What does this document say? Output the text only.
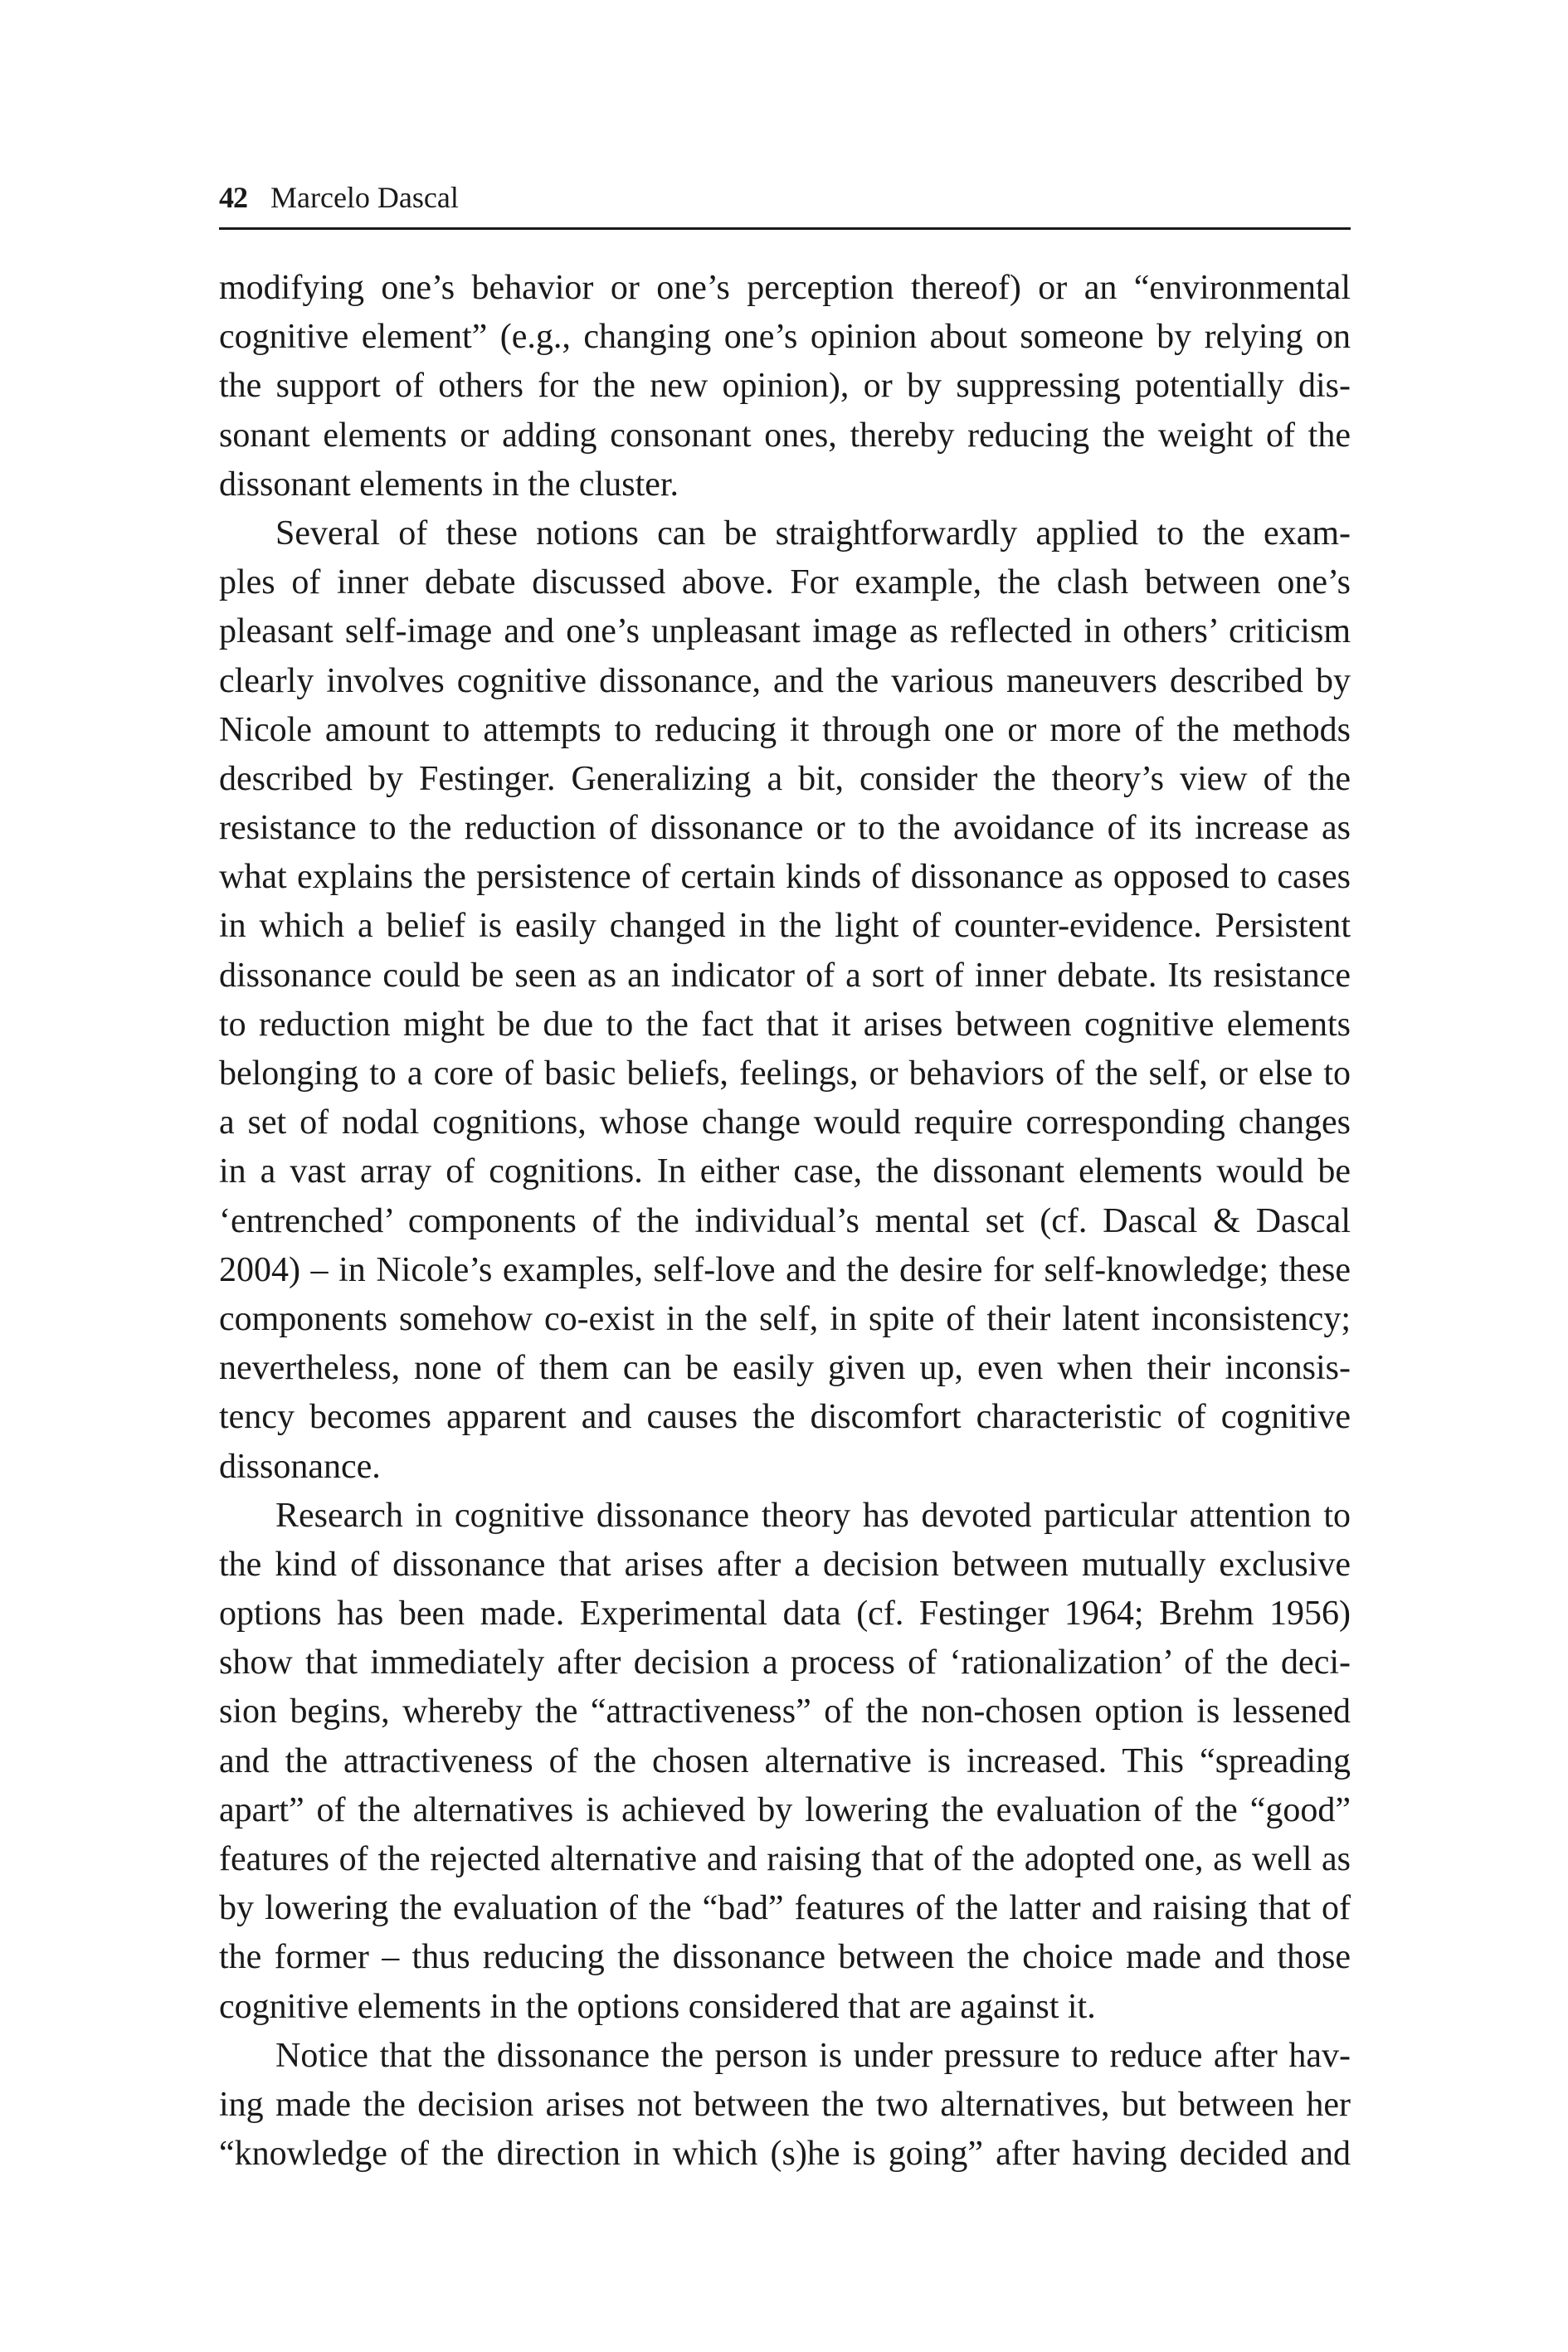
42 Marcelo Dascal
modifying one’s behavior or one’s perception thereof) or an “environmental
cognitive element” (e.g., changing one’s opinion about someone by relying on
the support of others for the new opinion), or by suppressing potentially dis-
sonant elements or adding consonant ones, thereby reducing the weight of the
dissonant elements in the cluster.
Several of these notions can be straightforwardly applied to the exam-
ples of inner debate discussed above. For example, the clash between one’s
pleasant self-image and one’s unpleasant image as reflected in others’ criticism
clearly involves cognitive dissonance, and the various maneuvers described by
Nicole amount to attempts to reducing it through one or more of the methods
described by Festinger. Generalizing a bit, consider the theory’s view of the
resistance to the reduction of dissonance or to the avoidance of its increase as
what explains the persistence of certain kinds of dissonance as opposed to cases
in which a belief is easily changed in the light of counter-evidence. Persistent
dissonance could be seen as an indicator of a sort of inner debate. Its resistance
to reduction might be due to the fact that it arises between cognitive elements
belonging to a core of basic beliefs, feelings, or behaviors of the self, or else to
a set of nodal cognitions, whose change would require corresponding changes
in a vast array of cognitions. In either case, the dissonant elements would be
‘entrenched’ components of the individual’s mental set (cf. Dascal & Dascal
2004) – in Nicole’s examples, self-love and the desire for self-knowledge; these
components somehow co-exist in the self, in spite of their latent inconsistency;
nevertheless, none of them can be easily given up, even when their inconsis-
tency becomes apparent and causes the discomfort characteristic of cognitive
dissonance.
Research in cognitive dissonance theory has devoted particular attention to
the kind of dissonance that arises after a decision between mutually exclusive
options has been made. Experimental data (cf. Festinger 1964; Brehm 1956)
show that immediately after decision a process of ‘rationalization’ of the deci-
sion begins, whereby the “attractiveness” of the non-chosen option is lessened
and the attractiveness of the chosen alternative is increased. This “spreading
apart” of the alternatives is achieved by lowering the evaluation of the “good”
features of the rejected alternative and raising that of the adopted one, as well as
by lowering the evaluation of the “bad” features of the latter and raising that of
the former – thus reducing the dissonance between the choice made and those
cognitive elements in the options considered that are against it.
Notice that the dissonance the person is under pressure to reduce after hav-
ing made the decision arises not between the two alternatives, but between her
“knowledge of the direction in which (s)he is going” after having decided and
